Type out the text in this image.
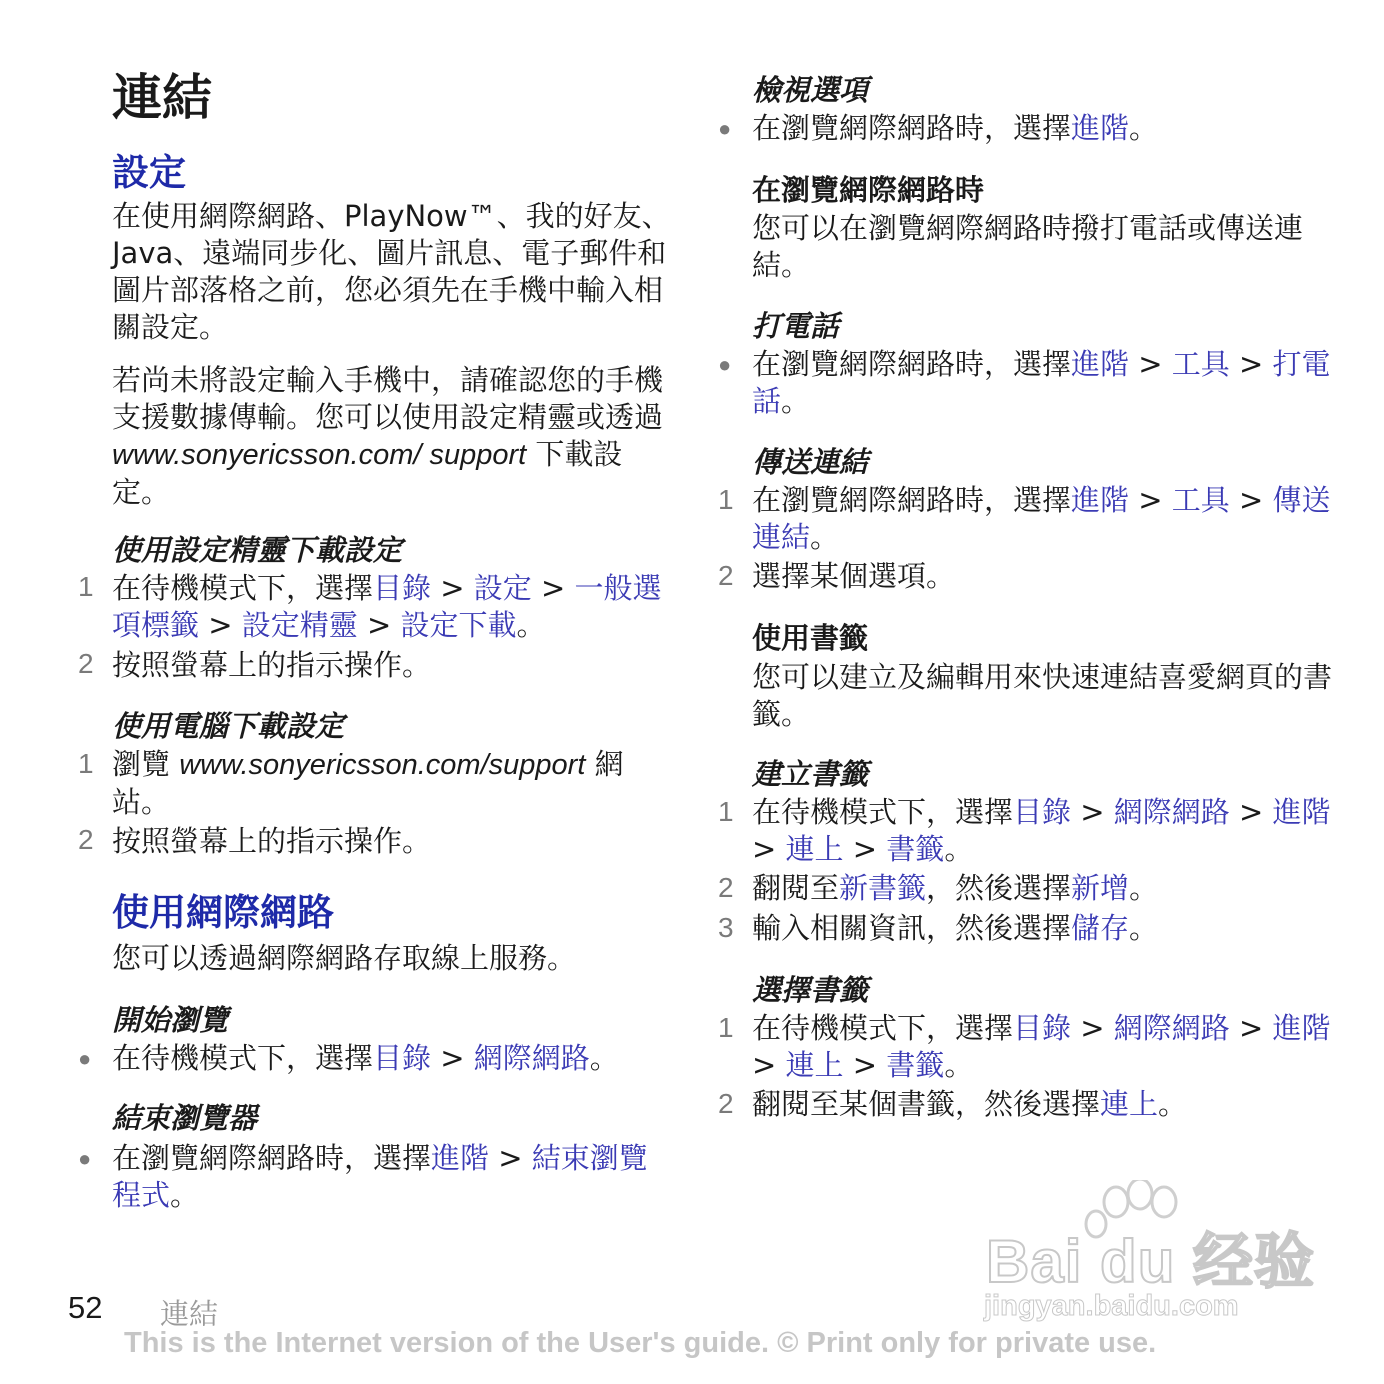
連結
設定

在使用網際網路、PlayNow™、我的好友、Java、遠端同步化、圖片訊息、電子郵件和圖片部落格之前，您必須先在手機中輸入相關設定。

若尚未將設定輸入手機中，請確認您的手機支援數據傳輸。您可以使用設定精靈或透過 www.sonyericsson.com/ support 下載設定。

使用設定精靈下載設定
1 在待機模式下，選擇目錄 > 設定 > 一般選項標籤 > 設定精靈 > 設定下載。

2 按照螢幕上的指示操作。

使用電腦下載設定
1 瀏覽 www.sonyericsson.com/support 網站。

2 按照螢幕上的指示操作。

使用網際網路

您可以透過網際網路存取線上服務。

開始瀏覽
● 在待機模式下，選擇目錄 > 網際網路。

結束瀏覽器
● 在瀏覽網際網路時，選擇進階 > 結束瀏覽程式。

檢視選項
● 在瀏覽網際網路時，選擇進階。

在瀏覽網際網路時

您可以在瀏覽網際網路時撥打電話或傳送連結。

打電話
● 在瀏覽網際網路時，選擇進階 > 工具 > 打電話。

傳送連結
1 在瀏覽網際網路時，選擇進階 > 工具 > 傳送連結。

2 選擇某個選項。

使用書籤

您可以建立及編輯用來快速連結喜愛網頁的書籤。

建立書籤
1 在待機模式下，選擇目錄 > 網際網路 > 進階 > 連上 > 書籤。

2 翻閱至新書籤，然後選擇新增。

3 輸入相關資訊，然後選擇儲存。

選擇書籤
1 在待機模式下，選擇目錄 > 網際網路 > 進階 > 連上 > 書籤。

2 翻閱至某個書籤，然後選擇連上。

Bai du 经验
jingyan.baidu.com
52 連結
This is the Internet version of the User's guide. © Print only for private use.
